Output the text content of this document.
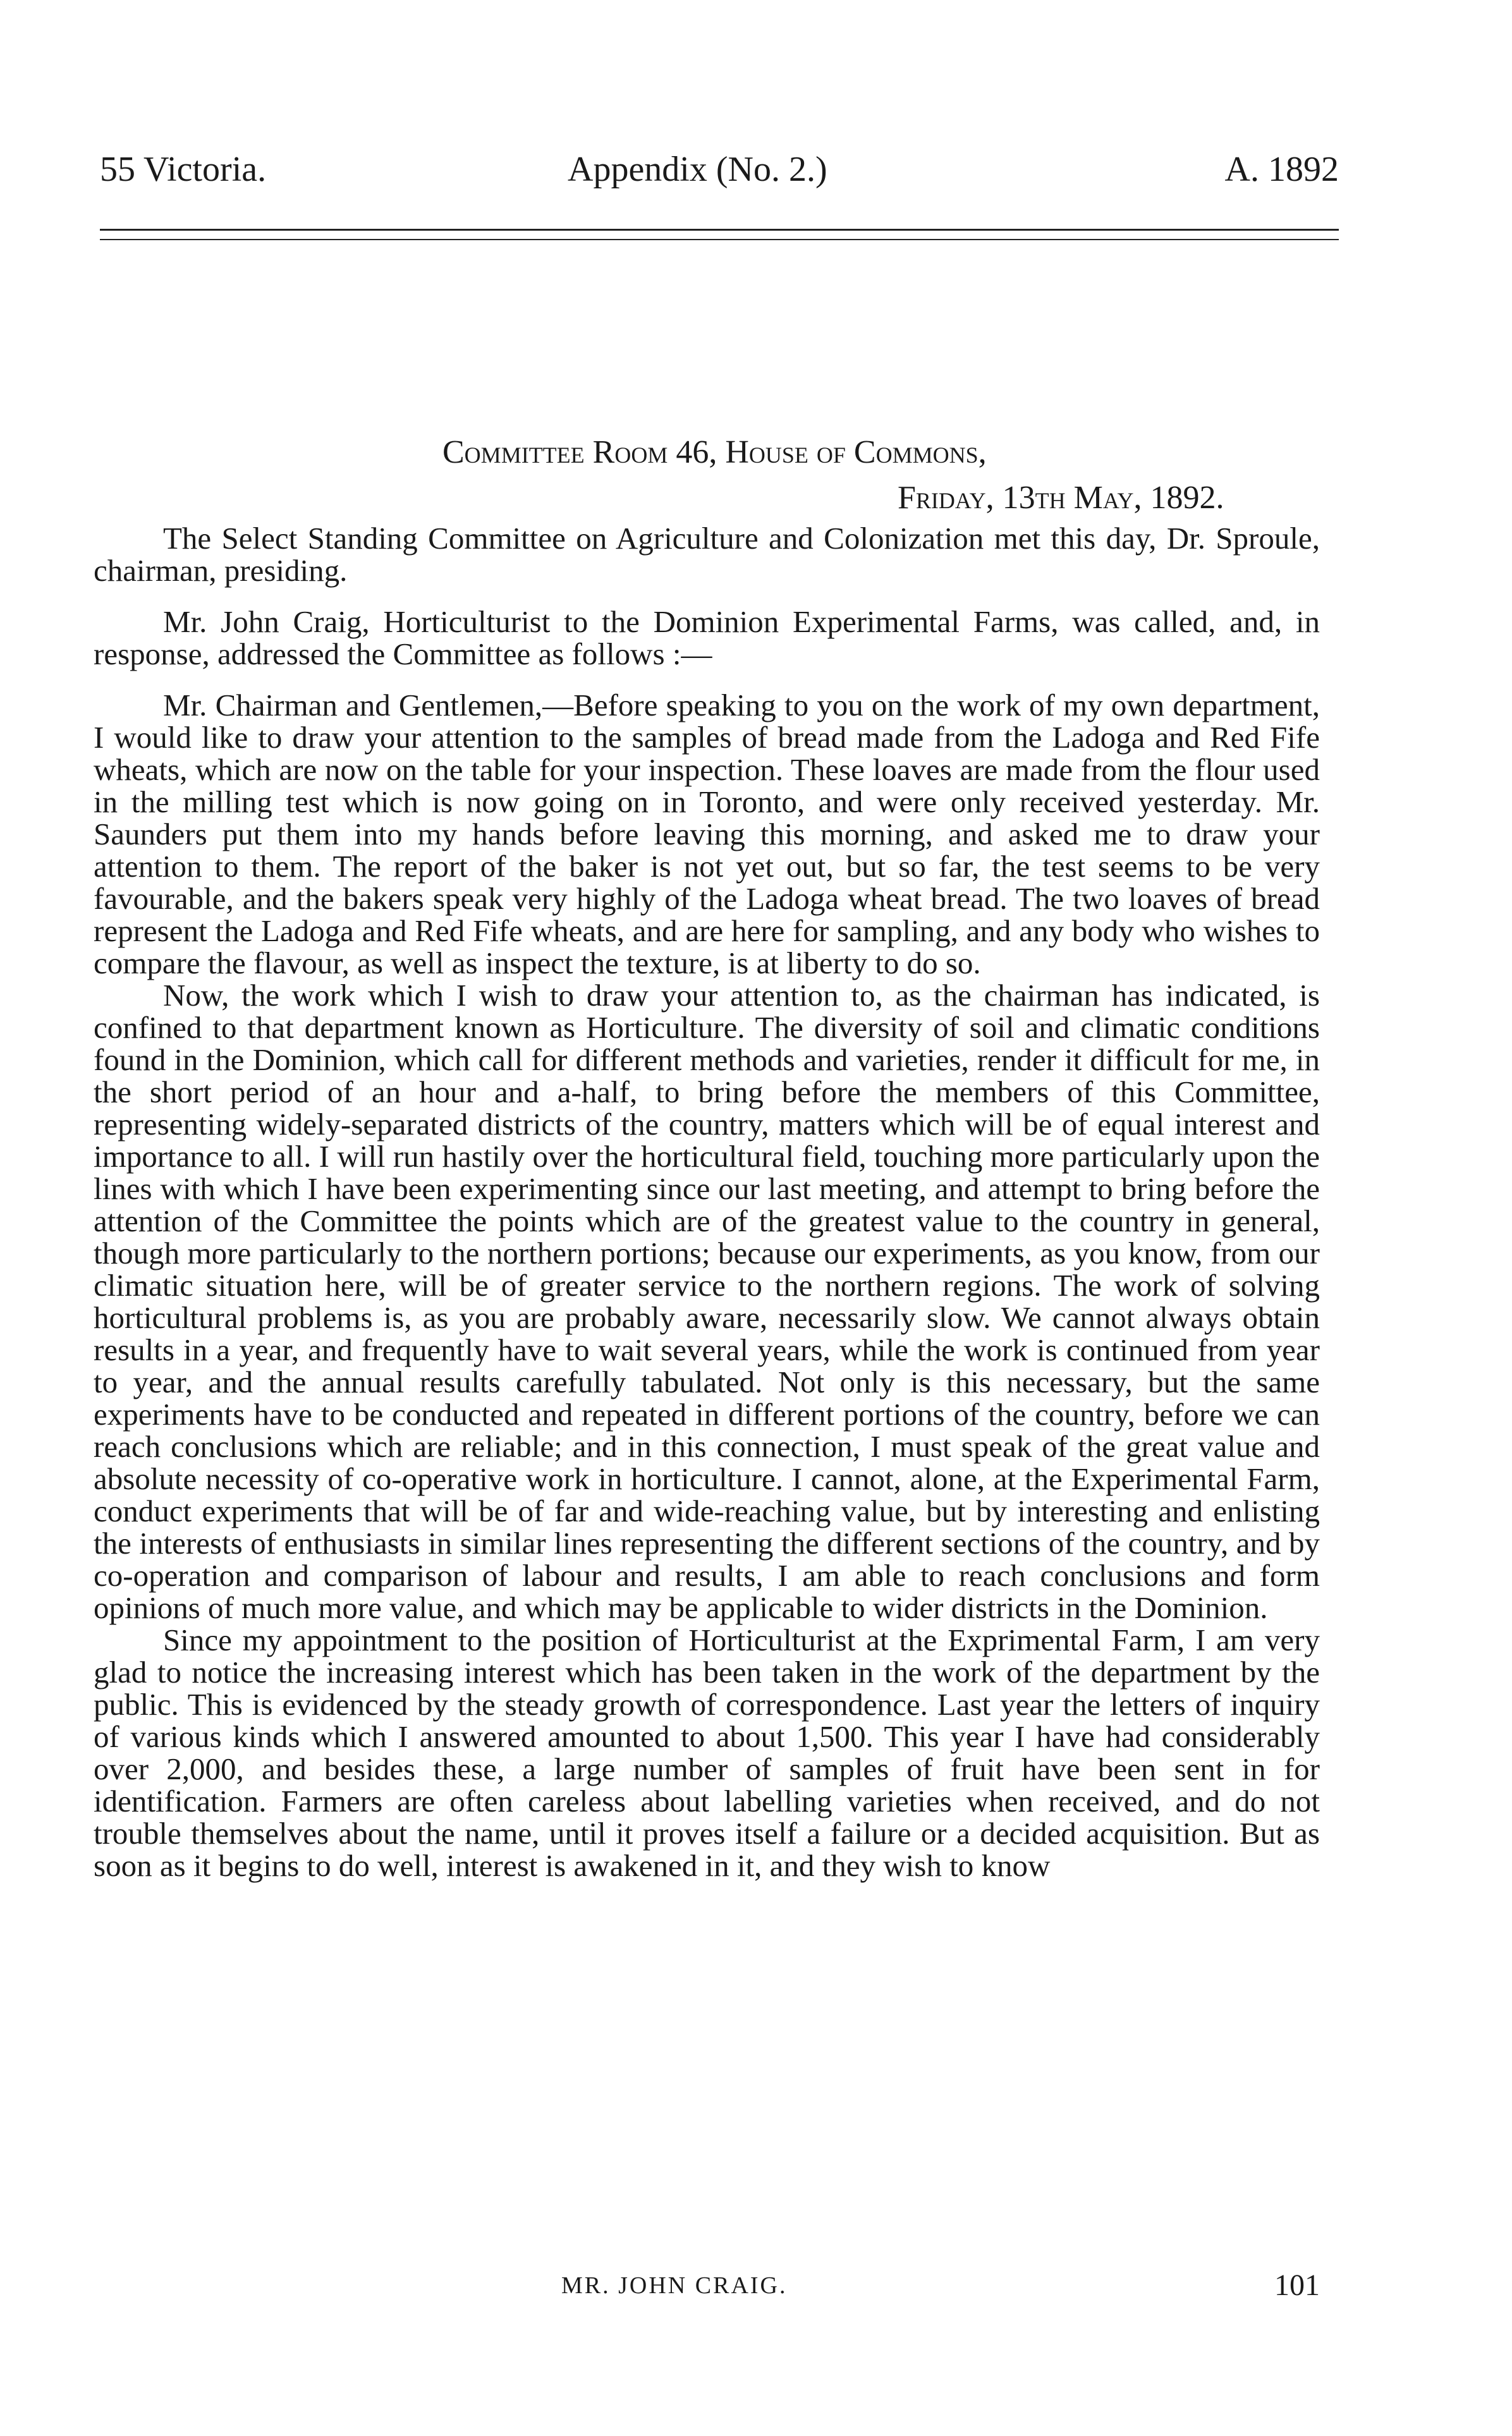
55 Victoria.	Appendix (No. 2.)	A. 1892
Committee Room 46, House of Commons,
Friday, 13th May, 1892.

The Select Standing Committee on Agriculture and Colonization met this day, Dr. Sproule, chairman, presiding.

Mr. John Craig, Horticulturist to the Dominion Experimental Farms, was called, and, in response, addressed the Committee as follows :—

Mr. Chairman and Gentlemen,—Before speaking to you on the work of my own department, I would like to draw your attention to the samples of bread made from the Ladoga and Red Fife wheats, which are now on the table for your inspection. These loaves are made from the flour used in the milling test which is now going on in Toronto, and were only received yesterday. Mr. Saunders put them into my hands before leaving this morning, and asked me to draw your attention to them. The report of the baker is not yet out, but so far, the test seems to be very favourable, and the bakers speak very highly of the Ladoga wheat bread. The two loaves of bread represent the Ladoga and Red Fife wheats, and are here for sampling, and any body who wishes to compare the flavour, as well as inspect the texture, is at liberty to do so.

Now, the work which I wish to draw your attention to, as the chairman has indicated, is confined to that department known as Horticulture. The diversity of soil and climatic conditions found in the Dominion, which call for different methods and varieties, render it difficult for me, in the short period of an hour and a-half, to bring before the members of this Committee, representing widely-separated districts of the country, matters which will be of equal interest and importance to all. I will run hastily over the horticultural field, touching more particularly upon the lines with which I have been experimenting since our last meeting, and attempt to bring before the attention of the Committee the points which are of the greatest value to the country in general, though more particularly to the northern portions; because our experiments, as you know, from our climatic situation here, will be of greater service to the northern regions. The work of solving horticultural problems is, as you are probably aware, necessarily slow. We cannot always obtain results in a year, and frequently have to wait several years, while the work is continued from year to year, and the annual results carefully tabulated. Not only is this necessary, but the same experiments have to be conducted and repeated in different portions of the country, before we can reach conclusions which are reliable; and in this connection, I must speak of the great value and absolute necessity of co-operative work in horticulture. I cannot, alone, at the Experimental Farm, conduct experiments that will be of far and wide-reaching value, but by interesting and enlisting the interests of enthusiasts in similar lines representing the different sections of the country, and by co-operation and comparison of labour and results, I am able to reach conclusions and form opinions of much more value, and which may be applicable to wider districts in the Dominion.

Since my appointment to the position of Horticulturist at the Exprimental Farm, I am very glad to notice the increasing interest which has been taken in the work of the department by the public. This is evidenced by the steady growth of correspondence. Last year the letters of inquiry of various kinds which I answered amounted to about 1,500. This year I have had considerably over 2,000, and besides these, a large number of samples of fruit have been sent in for identification. Farmers are often careless about labelling varieties when received, and do not trouble themselves about the name, until it proves itself a failure or a decided acquisition. But as soon as it begins to do well, interest is awakened in it, and they wish to know

MR. JOHN CRAIG.	101
